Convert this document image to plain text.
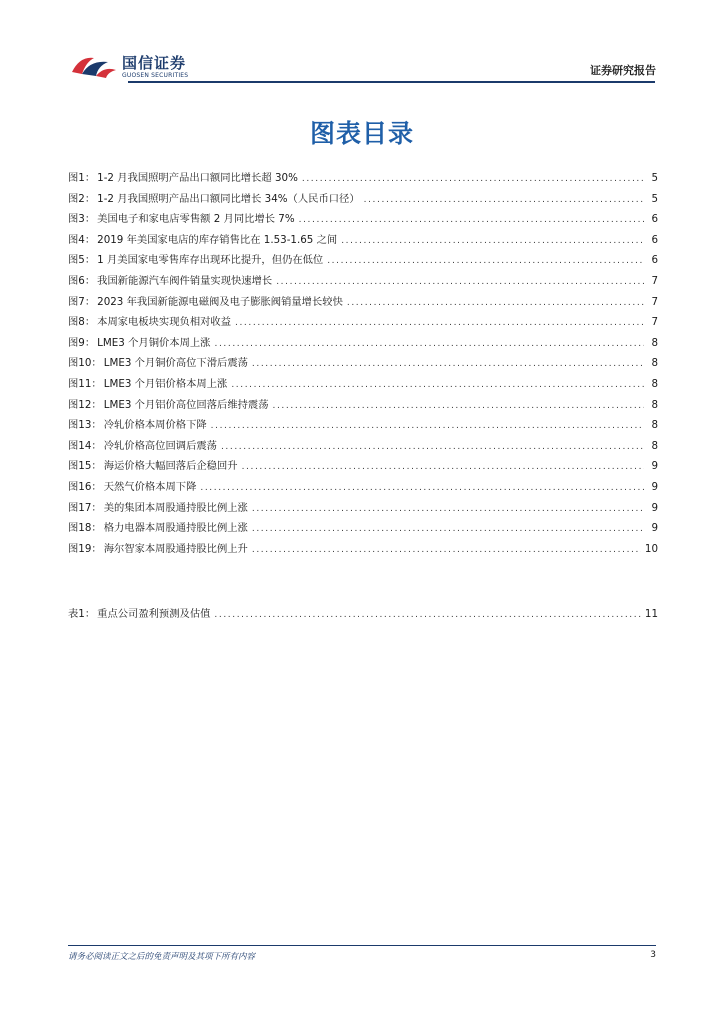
国信证券
GUOSEN SECURITIES	证券研究报告
图表目录
图1： 1-2 月我国照明产品出口额同比增长超 30% .....	5
图2： 1-2 月我国照明产品出口额同比增长 34%（人民币口径） .....	5
图3： 美国电子和家电店零售额 2 月同比增长 7% .....	6
图4： 2019 年美国家电店的库存销售比在 1.53-1.65 之间 .....	6
图5： 1 月美国家电零售库存出现环比提升，但仍在低位 .....	6
图6： 我国新能源汽车阀件销量实现快速增长 .....	7
图7： 2023 年我国新能源电磁阀及电子膨胀阀销量增长较快 .....	7
图8： 本周家电板块实现负相对收益 .....	7
图9： LME3 个月铜价本周上涨 .....	8
图10： LME3 个月铜价高位下滑后震荡 .....	8
图11： LME3 个月铝价格本周上涨 .....	8
图12： LME3 个月铝价高位回落后维持震荡 .....	8
图13： 冷轧价格本周价格下降 .....	8
图14： 冷轧价格高位回调后震荡 .....	8
图15： 海运价格大幅回落后企稳回升 .....	9
图16： 天然气价格本周下降 .....	9
图17： 美的集团本周股通持股比例上涨 .....	9
图18： 格力电器本周股通持股比例上涨 .....	9
图19： 海尔智家本周股通持股比例上升 .....	10
表1： 重点公司盈利预测及估值 .....	11
请务必阅读正文之后的免责声明及其项下所有内容	3
